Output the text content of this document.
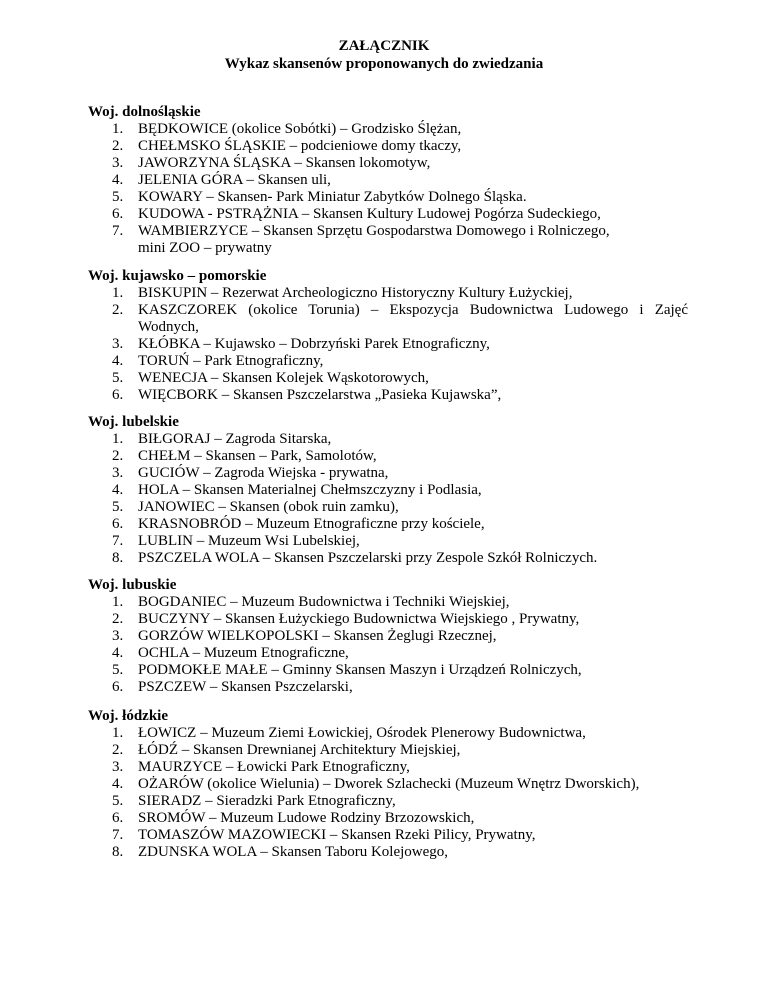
ZAŁĄCZNIK
Wykaz skansenów proponowanych do zwiedzania
Woj. dolnośląskie
1. BĘDKOWICE (okolice Sobótki) – Grodzisko Ślężan,
2. CHEŁMSKO ŚLĄSKIE – podcieniowe domy tkaczy,
3. JAWORZYNA ŚLĄSKA – Skansen lokomotyw,
4. JELENIA GÓRA – Skansen uli,
5. KOWARY – Skansen- Park Miniatur Zabytków Dolnego Śląska.
6. KUDOWA - PSTRĄŻNIA – Skansen Kultury Ludowej Pogórza Sudeckiego,
7. WAMBIERZYCE – Skansen Sprzętu Gospodarstwa Domowego i Rolniczego, mini ZOO – prywatny
Woj. kujawsko – pomorskie
1. BISKUPIN – Rezerwat Archeologiczno Historyczny Kultury Łużyckiej,
2. KASZCZOREK (okolice Torunia) – Ekspozycja Budownictwa Ludowego i Zajęć Wodnych,
3. KŁÓBKA – Kujawsko – Dobrzyński Parek Etnograficzny,
4. TORUŃ – Park Etnograficzny,
5. WENECJA – Skansen Kolejek Wąskotorowych,
6. WIĘCBORK – Skansen Pszczelarstwa „Pasieka Kujawska”,
Woj. lubelskie
1. BIŁGORAJ – Zagroda Sitarska,
2. CHEŁM – Skansen – Park, Samolotów,
3. GUCIÓW – Zagroda Wiejska - prywatna,
4. HOLA – Skansen Materialnej Chełmszczyzny i Podlasia,
5. JANOWIEC – Skansen (obok ruin zamku),
6. KRASNOBRÓD – Muzeum Etnograficzne przy kościele,
7. LUBLIN – Muzeum Wsi Lubelskiej,
8. PSZCZELA WOLA – Skansen Pszczelarski przy Zespole Szkół Rolniczych.
Woj. lubuskie
1. BOGDANIEC – Muzeum Budownictwa i Techniki Wiejskiej,
2. BUCZYNY – Skansen Łużyckiego Budownictwa Wiejskiego , Prywatny,
3. GORZÓW WIELKOPOLSKI – Skansen Żeglugi Rzecznej,
4. OCHLA – Muzeum Etnograficzne,
5. PODMOKŁE MAŁE – Gminny Skansen Maszyn i Urządzeń Rolniczych,
6. PSZCZEW – Skansen Pszczelarski,
Woj. łódzkie
1. ŁOWICZ – Muzeum Ziemi Łowickiej, Ośrodek Plenerowy Budownictwa,
2. ŁÓDŹ – Skansen Drewnianej Architektury Miejskiej,
3. MAURZYCE – Łowicki Park Etnograficzny,
4. OŻARÓW (okolice Wielunia) – Dworek Szlachecki (Muzeum Wnętrz Dworskich),
5. SIERADZ – Sieradzki Park Etnograficzny,
6. SROMÓW – Muzeum Ludowe Rodziny Brzozowskich,
7. TOMASZÓW MAZOWIECKI – Skansen Rzeki Pilicy, Prywatny,
8. ZDUNSKA WOLA – Skansen Taboru Kolejowego,
